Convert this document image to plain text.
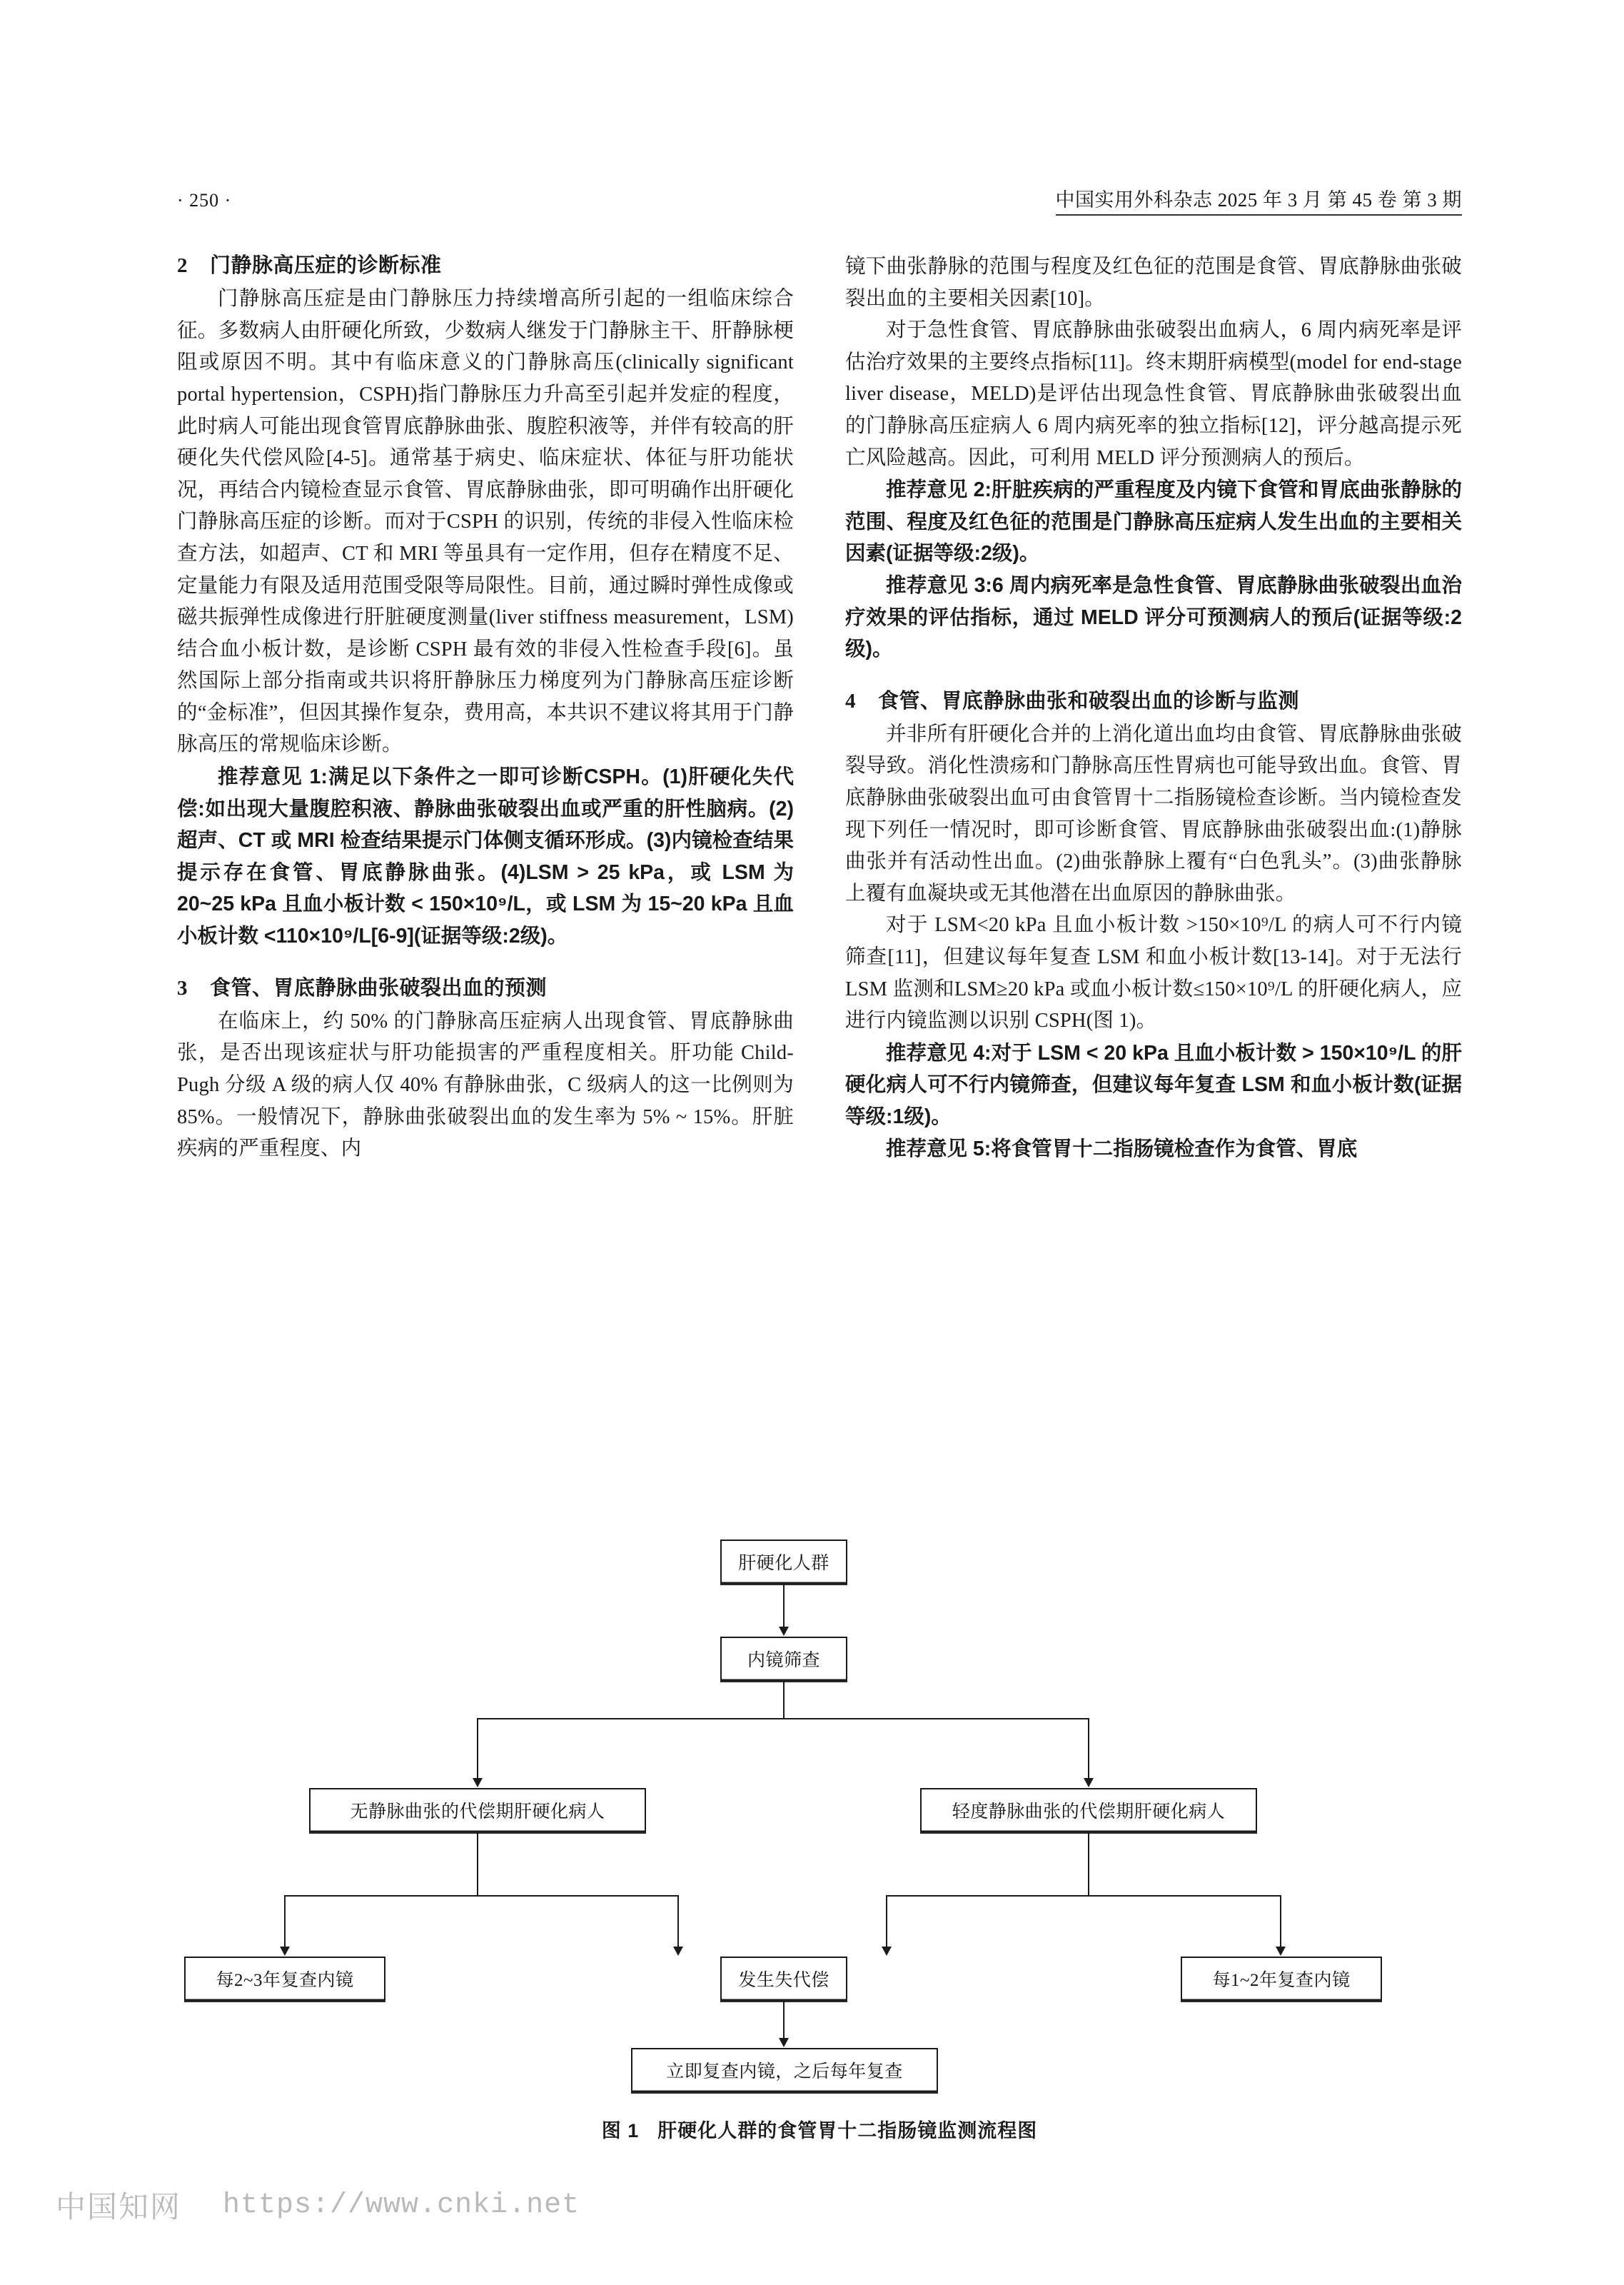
· 250 ·	中国实用外科杂志 2025 年 3 月 第 45 卷 第 3 期
2 门静脉高压症的诊断标准

门静脉高压症是由门静脉压力持续增高所引起的一组临床综合征。多数病人由肝硬化所致，少数病人继发于门静脉主干、肝静脉梗阻或原因不明。其中有临床意义的门静脉高压(clinically significant portal hypertension，CSPH)指门静脉压力升高至引起并发症的程度，此时病人可能出现食管胃底静脉曲张、腹腔积液等，并伴有较高的肝硬化失代偿风险[4-5]。通常基于病史、临床症状、体征与肝功能状况，再结合内镜检查显示食管、胃底静脉曲张，即可明确作出肝硬化门静脉高压症的诊断。而对于CSPH 的识别，传统的非侵入性临床检查方法，如超声、CT 和 MRI 等虽具有一定作用，但存在精度不足、定量能力有限及适用范围受限等局限性。目前，通过瞬时弹性成像或磁共振弹性成像进行肝脏硬度测量(liver stiffness measurement，LSM)结合血小板计数，是诊断 CSPH 最有效的非侵入性检查手段[6]。虽然国际上部分指南或共识将肝静脉压力梯度列为门静脉高压症诊断的“金标准”，但因其操作复杂，费用高，本共识不建议将其用于门静脉高压的常规临床诊断。

推荐意见 1:满足以下条件之一即可诊断CSPH。(1)肝硬化失代偿:如出现大量腹腔积液、静脉曲张破裂出血或严重的肝性脑病。(2)超声、CT 或 MRI 检查结果提示门体侧支循环形成。(3)内镜检查结果提示存在食管、胃底静脉曲张。(4)LSM > 25 kPa，或 LSM 为 20~25 kPa 且血小板计数 < 150×10⁹/L，或 LSM 为 15~20 kPa 且血小板计数 <110×10⁹/L[6-9](证据等级:2级)。

3 食管、胃底静脉曲张破裂出血的预测

在临床上，约 50% 的门静脉高压症病人出现食管、胃底静脉曲张，是否出现该症状与肝功能损害的严重程度相关。肝功能 Child-Pugh 分级 A 级的病人仅 40% 有静脉曲张，C 级病人的这一比例则为 85%。一般情况下，静脉曲张破裂出血的发生率为 5% ~ 15%。肝脏疾病的严重程度、内

镜下曲张静脉的范围与程度及红色征的范围是食管、胃底静脉曲张破裂出血的主要相关因素[10]。

对于急性食管、胃底静脉曲张破裂出血病人，6 周内病死率是评估治疗效果的主要终点指标[11]。终末期肝病模型(model for end-stage liver disease，MELD)是评估出现急性食管、胃底静脉曲张破裂出血的门静脉高压症病人 6 周内病死率的独立指标[12]，评分越高提示死亡风险越高。因此，可利用 MELD 评分预测病人的预后。

推荐意见 2:肝脏疾病的严重程度及内镜下食管和胃底曲张静脉的范围、程度及红色征的范围是门静脉高压症病人发生出血的主要相关因素(证据等级:2级)。

推荐意见 3:6 周内病死率是急性食管、胃底静脉曲张破裂出血治疗效果的评估指标，通过 MELD 评分可预测病人的预后(证据等级:2级)。

4 食管、胃底静脉曲张和破裂出血的诊断与监测

并非所有肝硬化合并的上消化道出血均由食管、胃底静脉曲张破裂导致。消化性溃疡和门静脉高压性胃病也可能导致出血。食管、胃底静脉曲张破裂出血可由食管胃十二指肠镜检查诊断。当内镜检查发现下列任一情况时，即可诊断食管、胃底静脉曲张破裂出血:(1)静脉曲张并有活动性出血。(2)曲张静脉上覆有“白色乳头”。(3)曲张静脉上覆有血凝块或无其他潜在出血原因的静脉曲张。

对于 LSM<20 kPa 且血小板计数 >150×10⁹/L 的病人可不行内镜筛查[11]，但建议每年复查 LSM 和血小板计数[13-14]。对于无法行 LSM 监测和LSM≥20 kPa 或血小板计数≤150×10⁹/L 的肝硬化病人，应进行内镜监测以识别 CSPH(图 1)。

推荐意见 4:对于 LSM < 20 kPa 且血小板计数 > 150×10⁹/L 的肝硬化病人可不行内镜筛查，但建议每年复查 LSM 和血小板计数(证据等级:1级)。

推荐意见 5:将食管胃十二指肠镜检查作为食管、胃底

肝硬化人群
内镜筛查
无静脉曲张的代偿期肝硬化病人	轻度静脉曲张的代偿期肝硬化病人
每2~3年复查内镜	发生失代偿	每1~2年复查内镜
立即复查内镜，之后每年复查
图 1 肝硬化人群的食管胃十二指肠镜监测流程图
中国知网 https://www.cnki.net
